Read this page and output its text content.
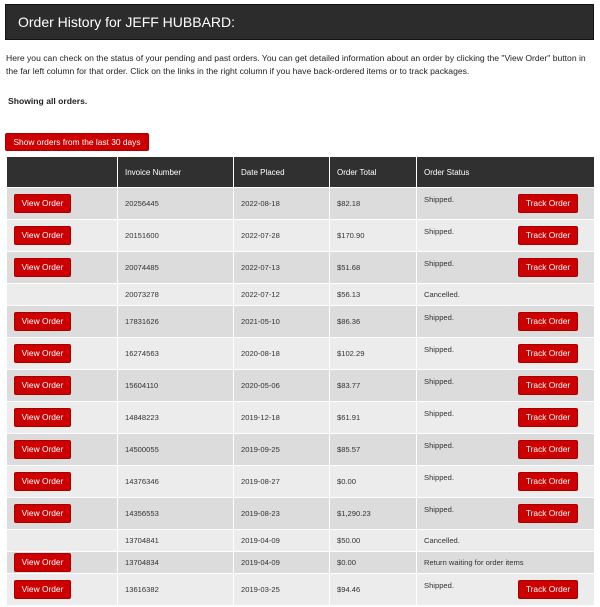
Order History for JEFF HUBBARD:
Here you can check on the status of your pending and past orders. You can get detailed information about an order by clicking the "View Order" button in the far left column for that order. Click on the links in the right column if you have back-ordered items or to track packages.
Showing all orders.
Show orders from the last 30 days
	Invoice Number	Date Placed	Order Total	Order Status
View Order	20256445	2022-08-18	$82.18	Shipped. Track Order

View Order	20151600	2022-07-28	$170.90	Shipped. Track Order

View Order	20074485	2022-07-13	$51.68	Shipped. Track Order

	20073278	2022-07-12	$56.13	Cancelled.
View Order	17831626	2021-05-10	$86.36	Shipped. Track Order

View Order	16274563	2020-08-18	$102.29	Shipped. Track Order

View Order	15604110	2020-05-06	$83.77	Shipped. Track Order

View Order	14848223	2019-12-18	$61.91	Shipped. Track Order

View Order	14500055	2019-09-25	$85.57	Shipped. Track Order

View Order	14376346	2019-08-27	$0.00	Shipped. Track Order

View Order	14356553	2019-08-23	$1,290.23	Shipped. Track Order

	13704841	2019-04-09	$50.00	Cancelled.
View Order	13704834	2019-04-09	$0.00	Return waiting for order items
View Order	13616382	2019-03-25	$94.46	Shipped. Track Order
